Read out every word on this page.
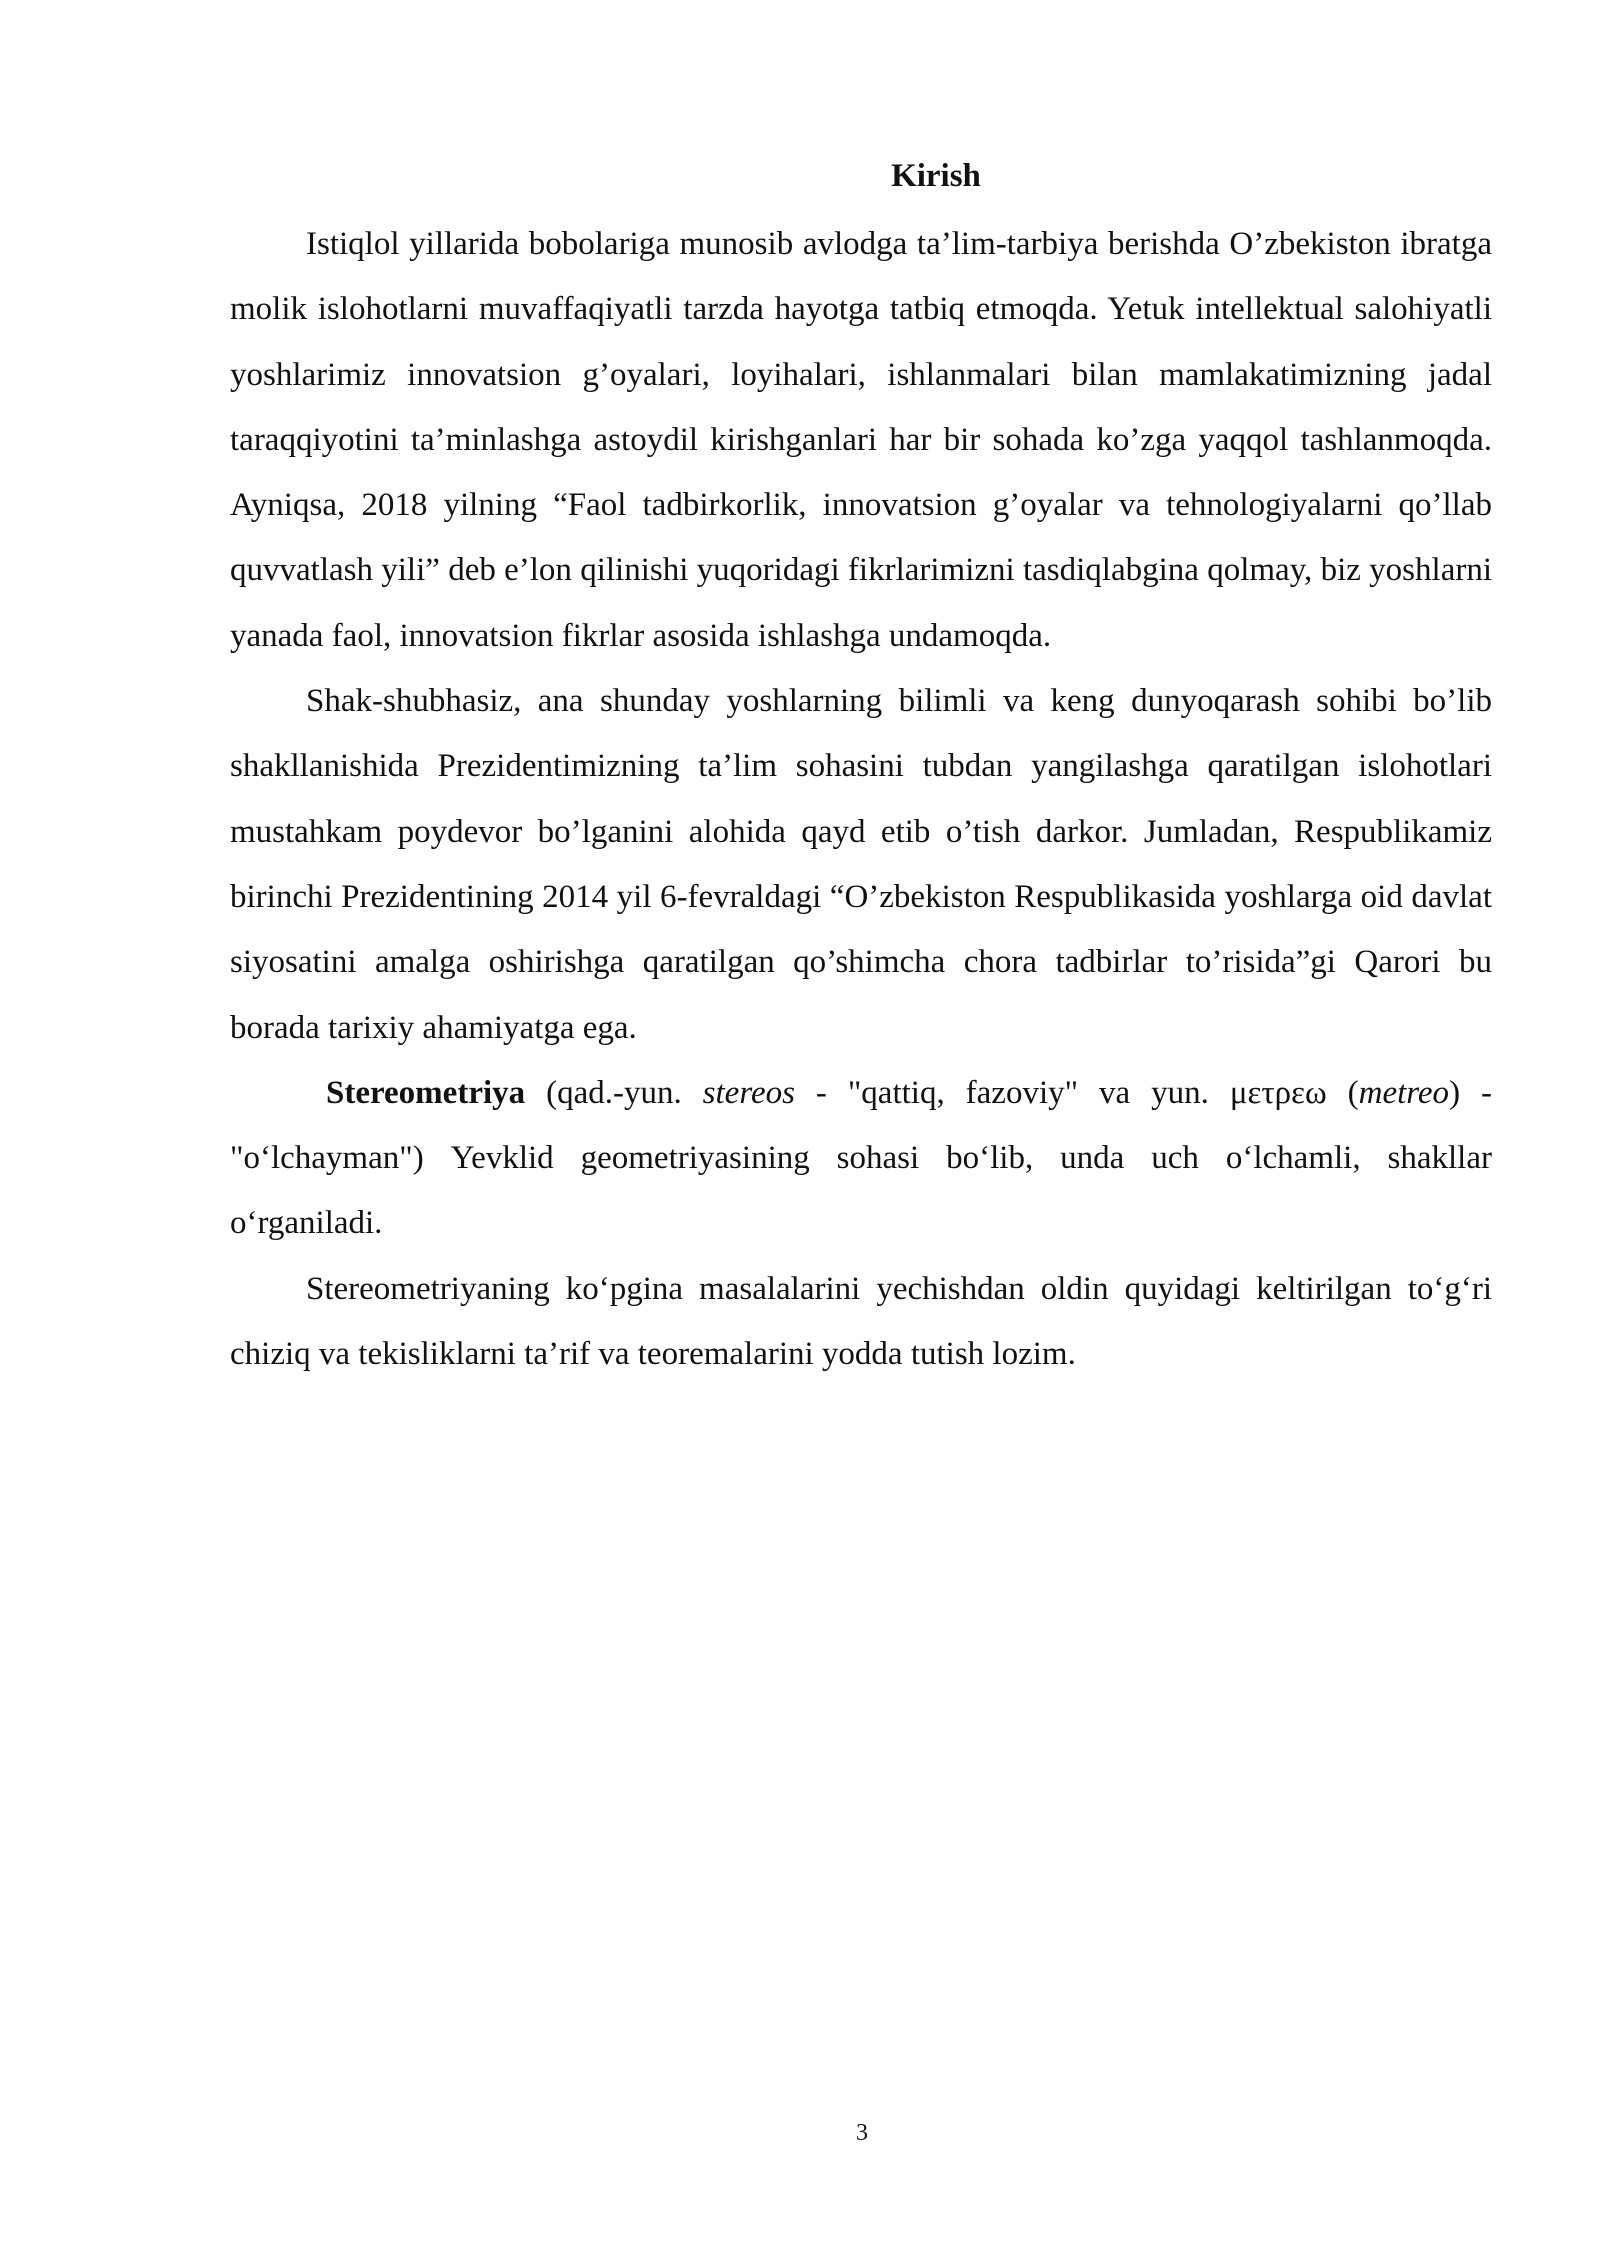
Kirish

Istiqlol yillarida bobolariga munosib avlodga ta’lim-tarbiya berishda O’zbekiston ibratga molik islohotlarni muvaffaqiyatli tarzda hayotga tatbiq etmoqda. Yetuk intellektual salohiyatli yoshlarimiz innovatsion g’oyalari, loyihalari, ishlanmalari bilan mamlakatimizning jadal taraqqiyotini ta’minlashga astoydil kirishganlari har bir sohada ko’zga yaqqol tashlanmoqda. Ayniqsa, 2018 yilning “Faol tadbirkorlik, innovatsion g’oyalar va tehnologiyalarni qo’llab quvvatlash yili” deb e’lon qilinishi yuqoridagi fikrlarimizni tasdiqlabgina qolmay, biz yoshlarni yanada faol, innovatsion fikrlar asosida ishlashga undamoqda.

Shak-shubhasiz, ana shunday yoshlarning bilimli va keng dunyoqarash sohibi bo’lib shakllanishida Prezidentimizning ta’lim sohasini tubdan yangilashga qaratilgan islohotlari mustahkam poydevor bo’lganini alohida qayd etib o’tish darkor. Jumladan, Respublikamiz birinchi Prezidentining 2014 yil 6-fevraldagi “O’zbekiston Respublikasida yoshlarga oid davlat siyosatini amalga oshirishga qaratilgan qo’shimcha chora tadbirlar to’risida”gi Qarori bu borada tarixiy ahamiyatga ega.

Stereometriya (qad.-yun. stereos - "qattiq, fazoviy" va yun. μετρεω (metreo) - "o‘lchayman") Yevklid geometriyasining sohasi bo‘lib, unda uch o‘lchamli, shakllar o‘rganiladi.

Stereometriyaning ko‘pgina masalalarini yechishdan oldin quyidagi keltirilgan to‘g‘ri chiziq va tekisliklarni ta’rif va teoremalarini yodda tutish lozim.

3
